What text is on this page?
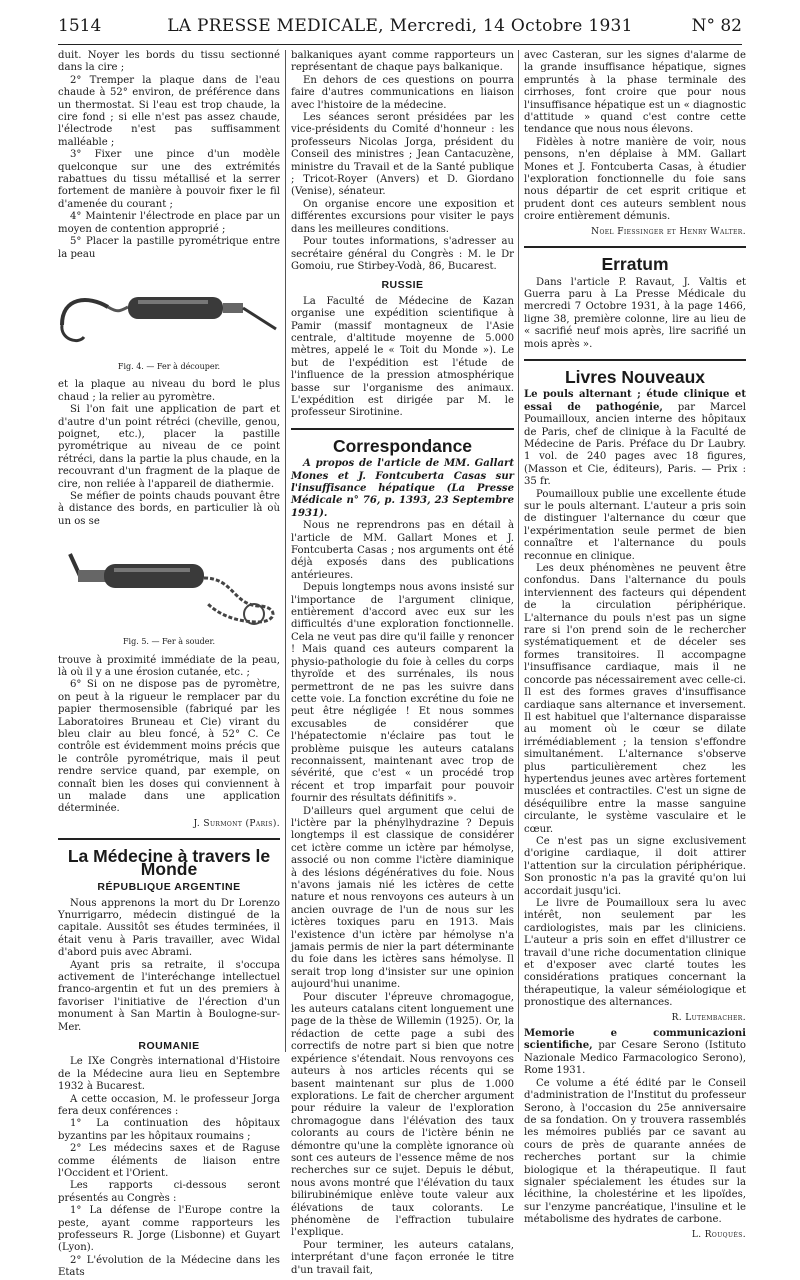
1514	LA PRESSE MEDICALE, Mercredi, 14 Octobre 1931	N° 82

duit. Noyer les bords du tissu sectionné dans la cire ;

2° Tremper la plaque dans de l'eau chaude à 52° environ, de préférence dans un thermostat. Si l'eau est trop chaude, la cire fond ; si elle n'est pas assez chaude, l'électrode n'est pas suffisamment malléable ;

3° Fixer une pince d'un modèle quelconque sur une des extrémités rabattues du tissu métallisé et la serrer fortement de manière à pouvoir fixer le fil d'amenée du courant ;

4° Maintenir l'électrode en place par un moyen de contention approprié ;

5° Placer la pastille pyrométrique entre la peau

Fig. 4. — Fer à découper.

et la plaque au niveau du bord le plus chaud ; la relier au pyromètre.

Si l'on fait une application de part et d'autre d'un point rétréci (cheville, genou, poignet, etc.), placer la pastille pyrométrique au niveau de ce point rétréci, dans la partie la plus chaude, en la recouvrant d'un fragment de la plaque de cire, non reliée à l'appareil de diathermie.

Se méfier de points chauds pouvant être à distance des bords, en particulier là où un os se

Fig. 5. — Fer à souder.

trouve à proximité immédiate de la peau, là où il y a une érosion cutanée, etc. ;

6° Si on ne dispose pas de pyromètre, on peut à la rigueur le remplacer par du papier thermosensible (fabriqué par les Laboratoires Bruneau et Cie) virant du bleu clair au bleu foncé, à 52° C. Ce contrôle est évidemment moins précis que le contrôle pyrométrique, mais il peut rendre service quand, par exemple, on connaît bien les doses qui conviennent à un malade dans une application déterminée.

J. Surmont (Paris).

La Médecine à travers le Monde
RÉPUBLIQUE ARGENTINE

Nous apprenons la mort du Dr Lorenzo Ynurrigarro, médecin distingué de la capitale. Aussitôt ses études terminées, il était venu à Paris travailler, avec Widal d'abord puis avec Abrami.

Ayant pris sa retraite, il s'occupa activement de l'interéchange intellectuel franco-argentin et fut un des premiers à favoriser l'initiative de l'érection d'un monument à San Martin à Boulogne-sur-Mer.

ROUMANIE

Le IXe Congrès international d'Histoire de la Médecine aura lieu en Septembre 1932 à Bucarest.

A cette occasion, M. le professeur Jorga fera deux conférences :

1° La continuation des hôpitaux byzantins par les hôpitaux roumains ;

2° Les médecins saxes et de Raguse comme éléments de liaison entre l'Occident et l'Orient.

Les rapports ci-dessous seront présentés au Congrès :

1° La défense de l'Europe contre la peste, ayant comme rapporteurs les professeurs R. Jorge (Lisbonne) et Guyart (Lyon).

2° L'évolution de la Médecine dans les Etats

balkaniques ayant comme rapporteurs un représentant de chaque pays balkanique.

En dehors de ces questions on pourra faire d'autres communications en liaison avec l'histoire de la médecine.

Les séances seront présidées par les vice-présidents du Comité d'honneur : les professeurs Nicolas Jorga, président du Conseil des ministres ; Jean Cantacuzène, ministre du Travail et de la Santé publique ; Tricot-Royer (Anvers) et D. Giordano (Venise), sénateur.

On organise encore une exposition et différentes excursions pour visiter le pays dans les meilleures conditions.

Pour toutes informations, s'adresser au secrétaire général du Congrès : M. le Dr Gomoiu, rue Stirbey-Vodà, 86, Bucarest.

RUSSIE

La Faculté de Médecine de Kazan organise une expédition scientifique à Pamir (massif montagneux de l'Asie centrale, d'altitude moyenne de 5.000 mètres, appelé le « Toit du Monde »). Le but de l'expédition est l'étude de l'influence de la pression atmosphérique basse sur l'organisme des animaux. L'expédition est dirigée par M. le professeur Sirotinine.

Correspondance

A propos de l'article de MM. Gallart Mones et J. Fontcuberta Casas sur l'insuffisance hépatique (La Presse Médicale n° 76, p. 1393, 23 Septembre 1931).

Nous ne reprendrons pas en détail à l'article de MM. Gallart Mones et J. Fontcuberta Casas ; nos arguments ont été déjà exposés dans des publications antérieures.

Depuis longtemps nous avons insisté sur l'importance de l'argument clinique, entièrement d'accord avec eux sur les difficultés d'une exploration fonctionnelle. Cela ne veut pas dire qu'il faille y renoncer ! Mais quand ces auteurs comparent la physio-pathologie du foie à celles du corps thyroïde et des surrénales, ils nous permettront de ne pas les suivre dans cette voie. La fonction excrétine du foie ne peut être négligée ! Et nous sommes excusables de considérer que l'hépatectomie n'éclaire pas tout le problème puisque les auteurs catalans reconnaissent, maintenant avec trop de sévérité, que c'est « un procédé trop récent et trop imparfait pour pouvoir fournir des résultats définitifs ».

D'ailleurs quel argument que celui de l'ictère par la phénylhydrazine ? Depuis longtemps il est classique de considérer cet ictère comme un ictère par hémolyse, associé ou non comme l'ictère diaminique à des lésions dégénératives du foie. Nous n'avons jamais nié les ictères de cette nature et nous renvoyons ces auteurs à un ancien ouvrage de l'un de nous sur les ictères toxiques paru en 1913. Mais l'existence d'un ictère par hémolyse n'a jamais permis de nier la part déterminante du foie dans les ictères sans hémolyse. Il serait trop long d'insister sur une opinion aujourd'hui unanime.

Pour discuter l'épreuve chromagogue, les auteurs catalans citent longuement une page de la thèse de Willemin (1925). Or, la rédaction de cette page a subi des correctifs de notre part si bien que notre expérience s'étendait. Nous renvoyons ces auteurs à nos articles récents qui se basent maintenant sur plus de 1.000 explorations. Le fait de chercher argument pour réduire la valeur de l'exploration chromagogue dans l'élévation des taux colorants au cours de l'ictère bénin ne démontre qu'une la complète ignorance où sont ces auteurs de l'essence même de nos recherches sur ce sujet. Depuis le début, nous avons montré que l'élévation du taux bilirubinémique enlève toute valeur aux élévations de taux colorants. Le phénomène de l'effraction tubulaire l'explique.

Pour terminer, les auteurs catalans, interprétant d'une façon erronée le titre d'un travail fait,

avec Casteran, sur les signes d'alarme de la grande insuffisance hépatique, signes empruntés à la phase terminale des cirrhoses, font croire que pour nous l'insuffisance hépatique est un « diagnostic d'attitude » quand c'est contre cette tendance que nous nous élevons.

Fidèles à notre manière de voir, nous pensons, n'en déplaise à MM. Gallart Mones et J. Fontcuberta Casas, à étudier l'exploration fonctionnelle du foie sans nous départir de cet esprit critique et prudent dont ces auteurs semblent nous croire entièrement démunis.

Noel Fiessinger et Henry Walter.

Erratum

Dans l'article P. Ravaut, J. Valtis et Guerra paru à La Presse Médicale du mercredi 7 Octobre 1931, à la page 1466, ligne 38, première colonne, lire au lieu de « sacrifié neuf mois après, lire sacrifié un mois après ».

Livres Nouveaux

Le pouls alternant ; étude clinique et essai de pathogénie, par Marcel Poumailloux, ancien interne des hôpitaux de Paris, chef de clinique à la Faculté de Médecine de Paris. Préface du Dr Laubry. 1 vol. de 240 pages avec 18 figures, (Masson et Cie, éditeurs), Paris. — Prix : 35 fr.

Poumailloux publie une excellente étude sur le pouls alternant. L'auteur a pris soin de distinguer l'alternance du cœur que l'expérimentation seule permet de bien connaître et l'alternance du pouls reconnue en clinique.

Les deux phénomènes ne peuvent être confondus. Dans l'alternance du pouls interviennent des facteurs qui dépendent de la circulation périphérique. L'alternance du pouls n'est pas un signe rare si l'on prend soin de le rechercher systématiquement et de déceler ses formes transitoires. Il accompagne l'insuffisance cardiaque, mais il ne concorde pas nécessairement avec celle-ci. Il est des formes graves d'insuffisance cardiaque sans alternance et inversement. Il est habituel que l'alternance disparaisse au moment où le cœur se dilate irrémédiablement ; la tension s'effondre simultanément. L'alternance s'observe plus particulièrement chez les hypertendus jeunes avec artères fortement musclées et contractiles. C'est un signe de déséquilibre entre la masse sanguine circulante, le système vasculaire et le cœur.

Ce n'est pas un signe exclusivement d'origine cardiaque, il doit attirer l'attention sur la circulation périphérique. Son pronostic n'a pas la gravité qu'on lui accordait jusqu'ici.

Le livre de Poumailloux sera lu avec intérêt, non seulement par les cardiologistes, mais par les cliniciens. L'auteur a pris soin en effet d'illustrer ce travail d'une riche documentation clinique et d'exposer avec clarté toutes les considérations pratiques concernant la thérapeutique, la valeur séméiologique et pronostique des alternances.

R. Lutembacher.

Memorie e communicazioni scientifiche, par Cesare Serono (Istituto Nazionale Medico Farmacologico Serono), Rome 1931.

Ce volume a été édité par le Conseil d'administration de l'Institut du professeur Serono, à l'occasion du 25e anniversaire de sa fondation. On y trouvera rassemblés les mémoires publiés par ce savant au cours de près de quarante années de recherches portant sur la chimie biologique et la thérapeutique. Il faut signaler spécialement les études sur la lécithine, la cholestérine et les lipoïdes, sur l'enzyme pancréatique, l'insuline et le métabolisme des hydrates de carbone.

L. Rouquès.
